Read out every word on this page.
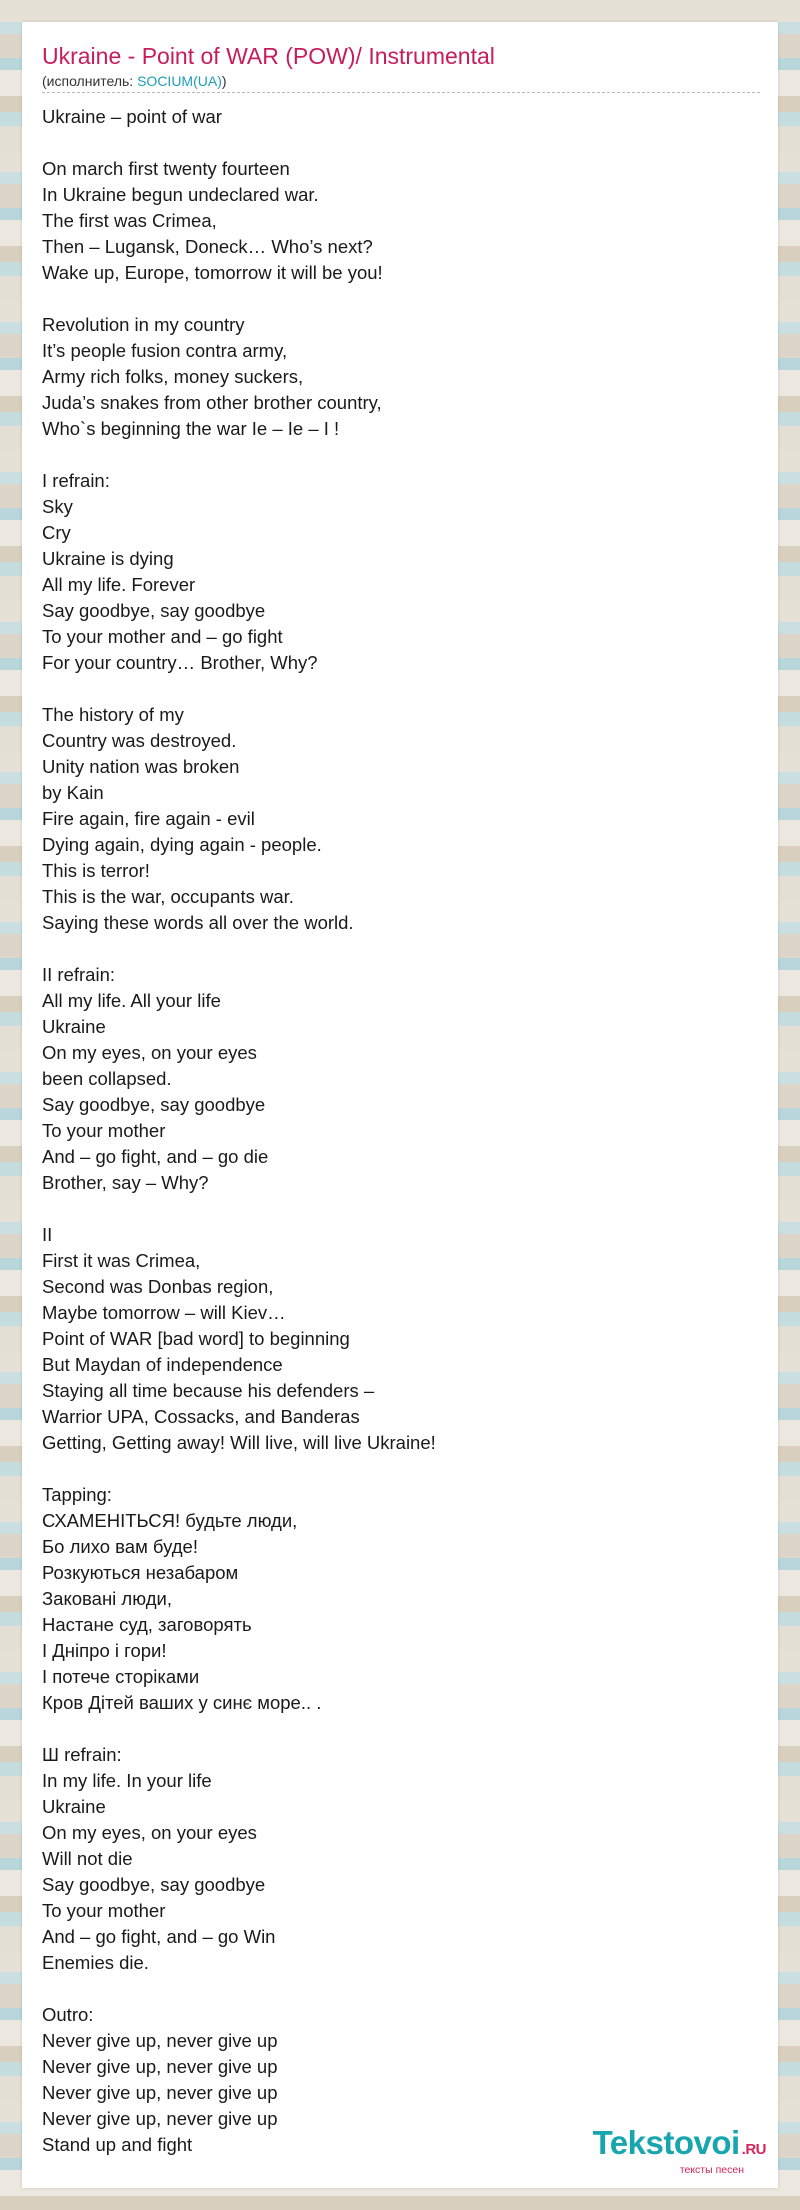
Ukraine - Point of WAR (POW)/ Instrumental
(исполнитель: SOCIUM(UA))
Ukraine – point of war
On march first twenty fourteen
In Ukraine begun undeclared war.
The first was Crimea,
Then – Lugansk, Doneck… Who’s next?
Wake up, Europe, tomorrow it will be you!
Revolution in my country
It’s people fusion contra army,
Army rich folks, money suckers,
Juda’s snakes from other brother country,
Who`s beginning the war Ie – Ie – I !
I refrain:
Sky
Cry
Ukraine is dying
All my life. Forever
Say goodbye, say goodbye
To your mother and – go fight
For your country… Brother, Why?
The history of my
Country was destroyed.
Unity nation was broken
by Kain
Fire again, fire again - evil
Dying again, dying again - people.
This is terror!
This is the war, occupants war.
Saying these words all over the world.
II refrain:
All my life. All your life
Ukraine
On my eyes, on your eyes
been collapsed.
Say goodbye, say goodbye
To your mother
And – go fight, and – go die
Brother, say – Why?
II
First it was Crimea,
Second was Donbas region,
Maybe tomorrow – will Kiev…
Point of WAR [bad word] to beginning
But Maydan of independence
Staying all time because his defenders –
Warrior UPA, Cossacks, and Banderas
Getting, Getting away! Will live, will live Ukraine!
Tapping:
СХАМЕНІТЬСЯ! будьте люди,
Бо лихо вам буде!
Розкуються незабаром
Заковані люди,
Настане суд, заговорять
І Дніпро і гори!
І потече сторіками
Кров Дітей ваших у синє море.. .
Ш refrain:
In my life. In your life
Ukraine
On my eyes, on your eyes
Will not die
Say goodbye, say goodbye
To your mother
And – go fight, and – go Win
Enemies die.
Outro:
Never give up, never give up
Never give up, never give up
Never give up, never give up
Never give up, never give up
Stand up and fight	Tekstovoi .RU
тексты песен
